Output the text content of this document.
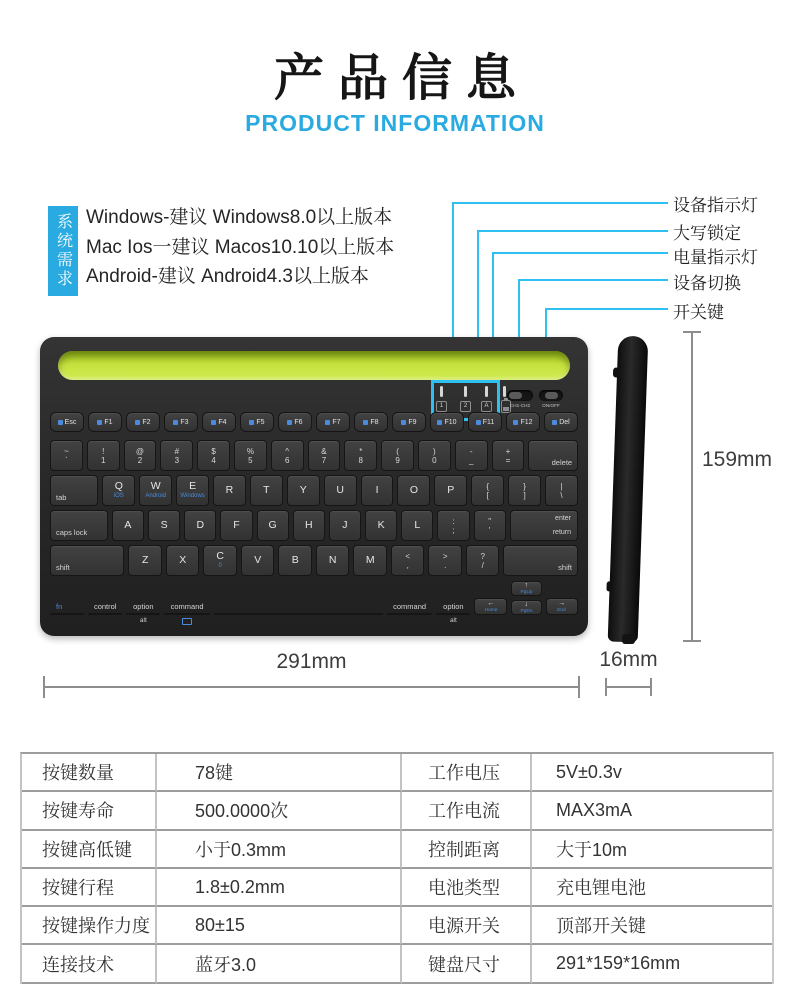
产品信息
PRODUCT INFORMATION
系统需求 Windows-建议 Windows8.0以上版本
Mac Ios一建议 Macos10.10以上版本
Android-建议 Android4.3以上版本
设备指示灯
大写锁定
电量指示灯
设备切换
开关键
1	2	A	CH1-CH2	ON/OFF
Esc	F1	F2	F3	F4	F5	F6	F7	F8	F9	F10	F11	F12	Del
~
`
!
1
@
2
#
3
$
4
%
5
^
6
&
7
*
8
(
9
)
0
-
_
+
=	delete
tab
Q
iOS
W
Android
E
Windows R	T	Y	U	I	O	P	{
[
}
]
|
\
caps lock
A	S	D	F	G	H	J	K	L	:
;
"
'
enter
return
shift
Z	X	C
0	V	B	N	M	<
,
>
.
?
/	shift
fn	control
alt
option	command	command
alt
option	←
Home
↑
PgUp
↓
PgDn
→
End
159mm
291mm	16mm
按键数量	78键	工作电压	5V±0.3v
按键寿命	500.0000次	工作电流	MAX3mA
按键高低键	小于0.3mm	控制距离	大于10m
按键行程	1.8±0.2mm	电池类型	充电锂电池
按键操作力度	80±15	电源开关	顶部开关键
连接技术	蓝牙3.0	键盘尺寸	291*159*16mm
